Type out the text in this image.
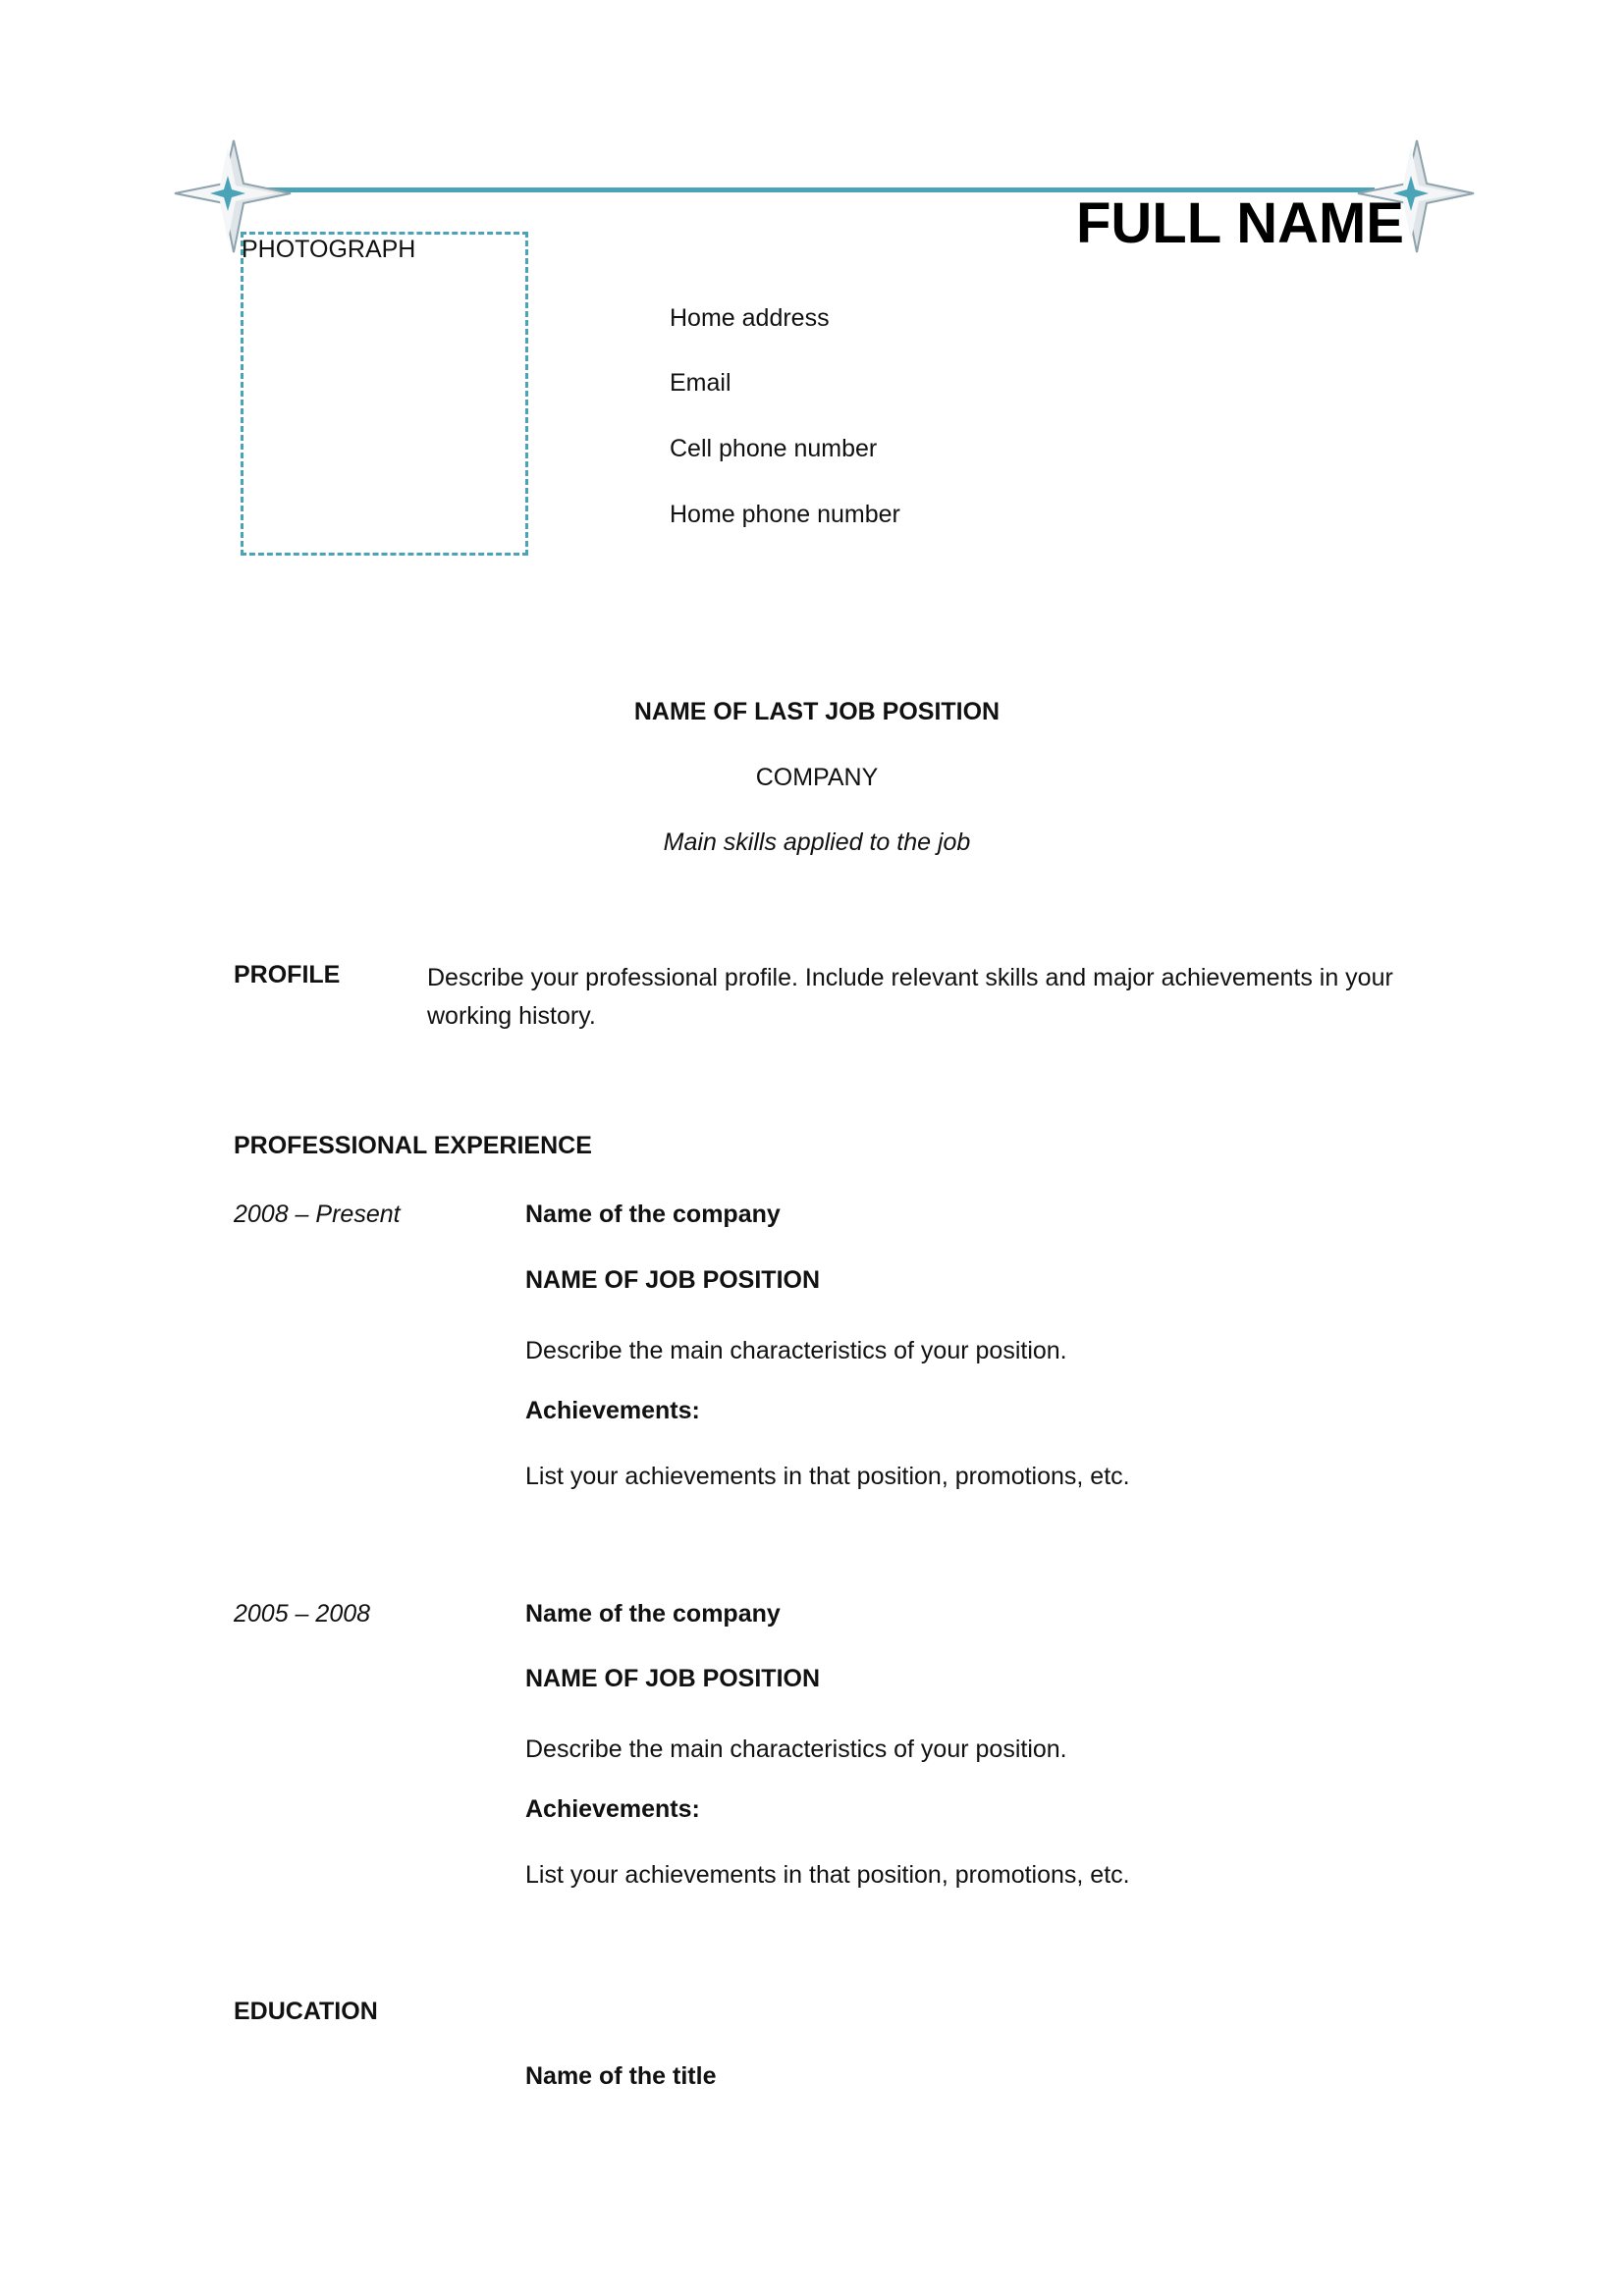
FULL NAME
PHOTOGRAPH
Home address
Email
Cell phone number
Home phone number
NAME OF LAST JOB POSITION
COMPANY
Main skills applied to the job
PROFILE	Describe your professional profile. Include relevant skills and major achievements in your working history.
PROFESSIONAL EXPERIENCE
2008 – Present	Name of the company
NAME OF JOB POSITION
Describe the main characteristics of your position.
Achievements:
List your achievements in that position, promotions, etc.
2005 – 2008	Name of the company
NAME OF JOB POSITION
Describe the main characteristics of your position.
Achievements:
List your achievements in that position, promotions, etc.
EDUCATION
Name of the title
